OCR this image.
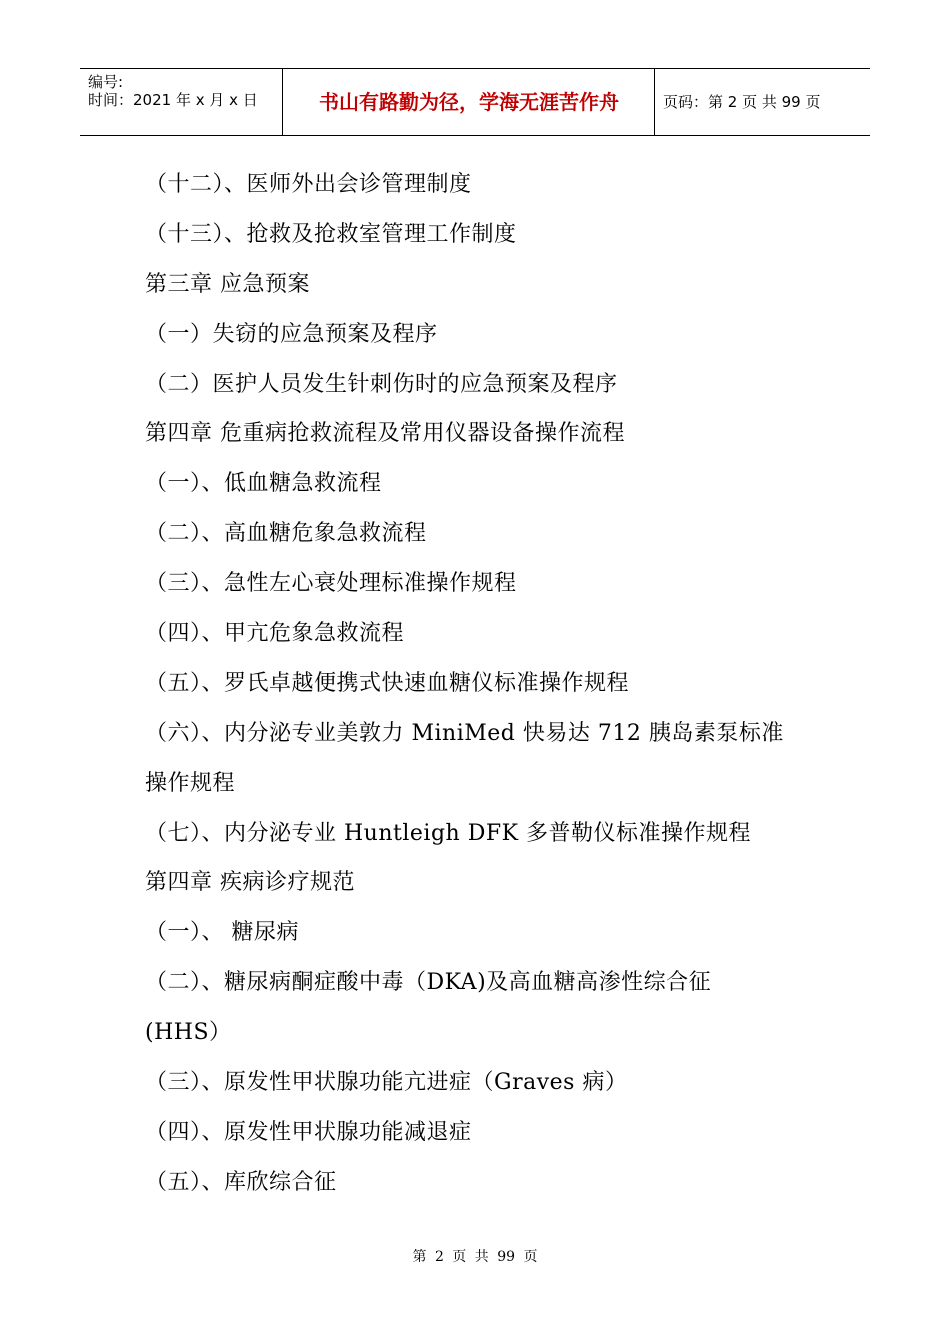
编号:
时间：2021 年 x 月 x 日	书山有路勤为径，学海无涯苦作舟	页码：第 2 页 共 99 页
（十二）、医师外出会诊管理制度
（十三）、抢救及抢救室管理工作制度
第三章 应急预案
（一）失窃的应急预案及程序
（二）医护人员发生针刺伤时的应急预案及程序
第四章 危重病抢救流程及常用仪器设备操作流程
（一）、低血糖急救流程
（二）、高血糖危象急救流程
（三）、急性左心衰处理标准操作规程
（四）、甲亢危象急救流程
（五）、罗氏卓越便携式快速血糖仪标准操作规程
（六）、内分泌专业美敦力 MiniMed 快易达 712 胰岛素泵标准
操作规程
（七）、内分泌专业 Huntleigh DFK 多普勒仪标准操作规程
第四章 疾病诊疗规范
（一）、 糖尿病
（二）、糖尿病酮症酸中毒（DKA)及高血糖高渗性综合征
(HHS）
（三）、原发性甲状腺功能亢进症（Graves 病）
（四）、原发性甲状腺功能减退症
（五）、库欣综合征
第 2 页 共 99 页
